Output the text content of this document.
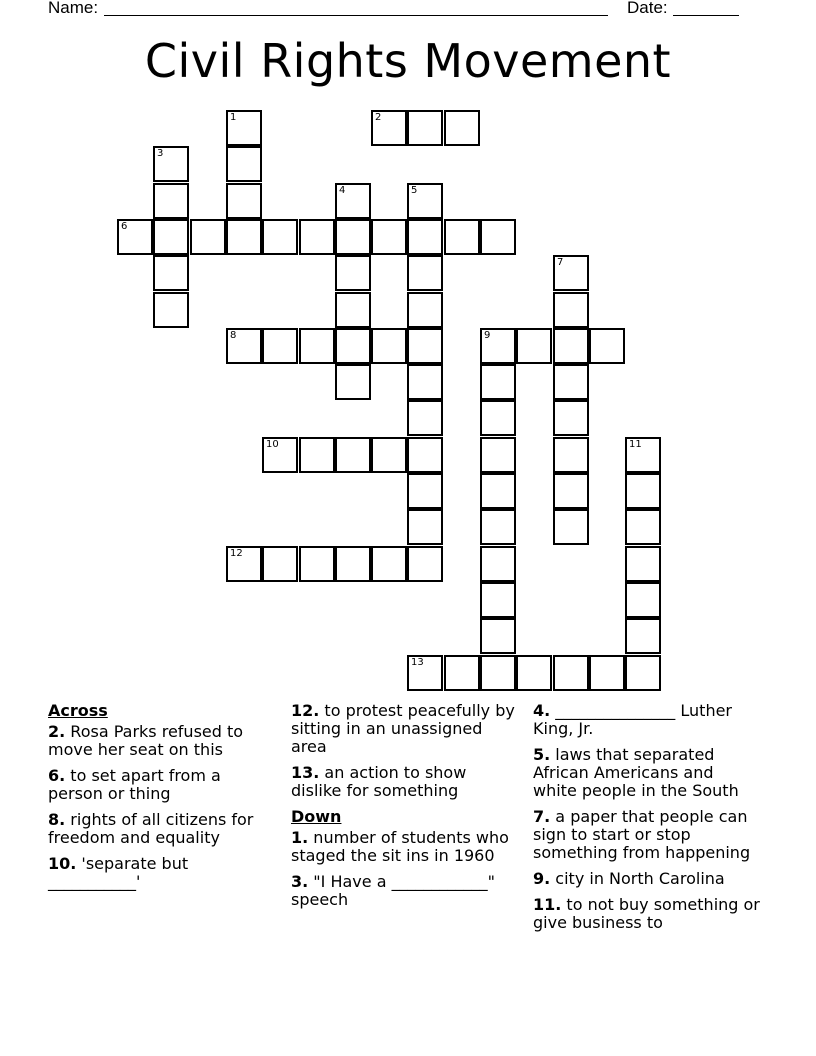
Name:	Date:
Civil Rights Movement
1	2
3
4	5
6
7
8	9
10	11
12
13
Across
2. Rosa Parks refused to move her seat on this
6. to set apart from a person or thing
8. rights of all citizens for freedom and equality
10. 'separate but ___________'
12. to protest peacefully by sitting in an unassigned area
13. an action to show dislike for something
Down
1. number of students who staged the sit ins in 1960
3. "I Have a ____________" speech
4. _______________ Luther King, Jr.
5. laws that separated African Americans and white people in the South
7. a paper that people can sign to start or stop something from happening
9. city in North Carolina
11. to not buy something or give business to
